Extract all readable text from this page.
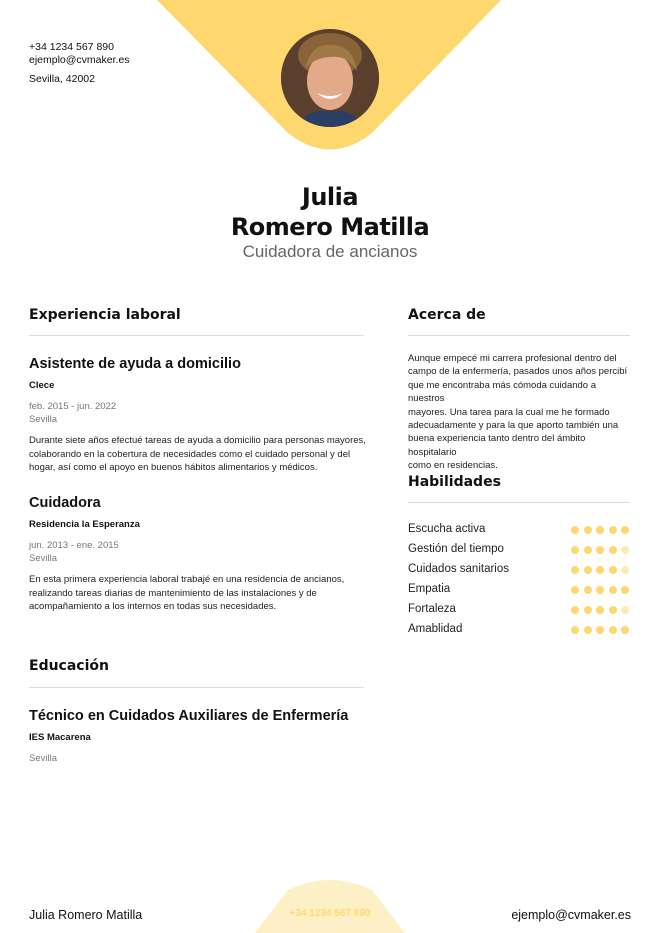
+34 1234 567 890
ejemplo@cvmaker.es
Sevilla, 42002
Julia
Romero Matilla
Cuidadora de ancianos
Experiencia laboral
Asistente de ayuda a domicilio
Clece
feb. 2015 - jun. 2022
Sevilla
Durante siete años efectué tareas de ayuda a domicilio para personas mayores,
colaborando en la cobertura de necesidades como el cuidado personal y del
hogar, así como el apoyo en buenos hábitos alimentarios y médicos.
Cuidadora
Residencia la Esperanza
jun. 2013 - ene. 2015
Sevilla
En esta primera experiencia laboral trabajé en una residencia de ancianos,
realizando tareas diarias de mantenimiento de las instalaciones y de
acompañamiento a los internos en todas sus necesidades.
Educación
Técnico en Cuidados Auxiliares de Enfermería
IES Macarena
Sevilla
Acerca de
Aunque empecé mi carrera profesional dentro del
campo de la enfermería, pasados unos años percibí
que me encontraba más cómoda cuidando a nuestros
mayores. Una tarea para la cual me he formado
adecuadamente y para la que aporto también una
buena experiencia tanto dentro del ámbito hospitalario
como en residencias.
Habilidades
Escucha activa
Gestión del tiempo
Cuidados sanitarios
Empatia
Fortaleza
Amablidad
Julia Romero Matilla	+34 1234 567 890	ejemplo@cvmaker.es
